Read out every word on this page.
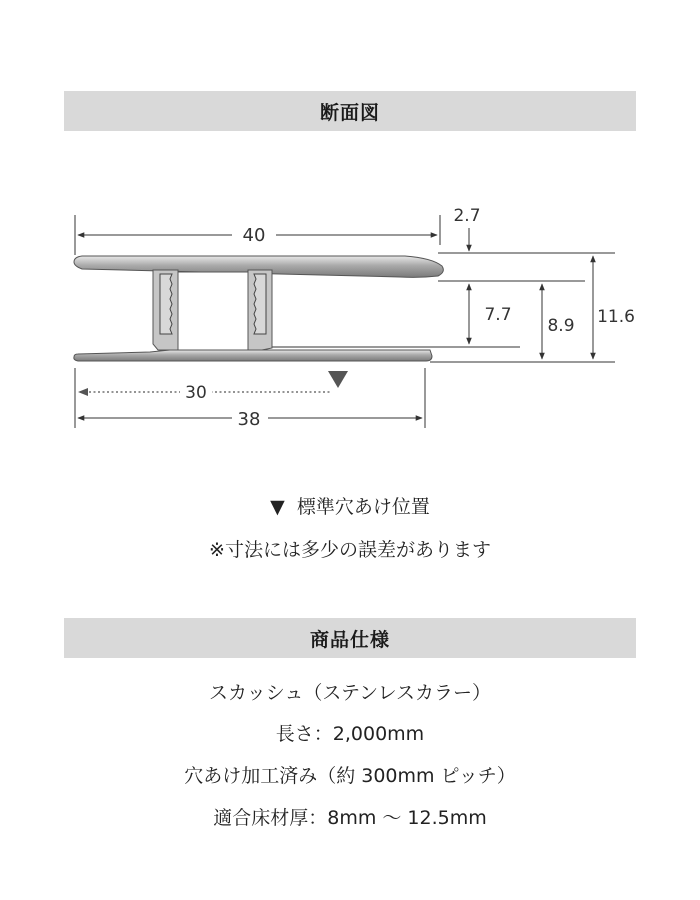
断面図
40
2.7
7.7
8.9 11.6
30
38
▼ 標準穴あけ位置
※寸法には多少の誤差があります
商品仕様
スカッシュ（ステンレスカラー）
長さ：2,000mm
穴あけ加工済み（約 300mm ピッチ）
適合床材厚：8mm ～ 12.5mm
